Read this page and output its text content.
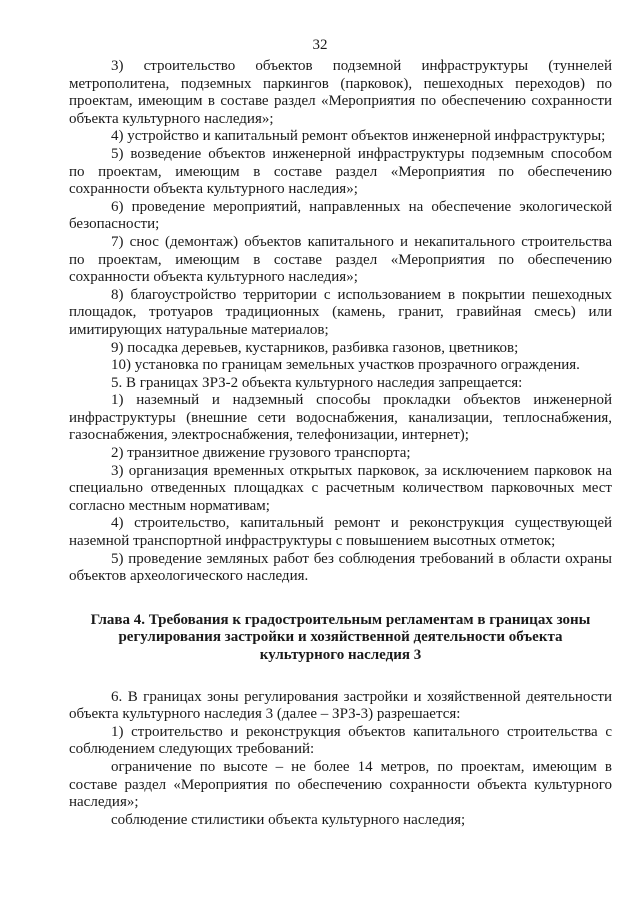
32

3) строительство объектов подземной инфраструктуры (туннелей метрополитена, подземных паркингов (парковок), пешеходных переходов) по проектам, имеющим в составе раздел «Мероприятия по обеспечению сохранности объекта культурного наследия»;

4) устройство и капитальный ремонт объектов инженерной инфраструктуры;

5) возведение объектов инженерной инфраструктуры подземным способом по проектам, имеющим в составе раздел «Мероприятия по обеспечению сохранности объекта культурного наследия»;

6) проведение мероприятий, направленных на обеспечение экологической безопасности;

7) снос (демонтаж) объектов капитального и некапитального строительства по проектам, имеющим в составе раздел «Мероприятия по обеспечению сохранности объекта культурного наследия»;

8) благоустройство территории с использованием в покрытии пешеходных площадок, тротуаров традиционных (камень, гранит, гравийная смесь) или имитирующих натуральные материалов;

9) посадка деревьев, кустарников, разбивка газонов, цветников;

10) установка по границам земельных участков прозрачного ограждения.

5. В границах ЗРЗ-2 объекта культурного наследия запрещается:

1) наземный и надземный способы прокладки объектов инженерной инфраструктуры (внешние сети водоснабжения, канализации, теплоснабжения, газоснабжения, электроснабжения, телефонизации, интернет);

2) транзитное движение грузового транспорта;

3) организация временных открытых парковок, за исключением парковок на специально отведенных площадках с расчетным количеством парковочных мест согласно местным нормативам;

4) строительство, капитальный ремонт и реконструкция существующей наземной транспортной инфраструктуры с повышением высотных отметок;

5) проведение земляных работ без соблюдения требований в области охраны объектов археологического наследия.

Глава 4. Требования к градостроительным регламентам в границах зоны
регулирования застройки и хозяйственной деятельности объекта
культурного наследия 3

6. В границах зоны регулирования застройки и хозяйственной деятельности объекта культурного наследия 3 (далее – ЗРЗ-3) разрешается:

1) строительство и реконструкция объектов капитального строительства с соблюдением следующих требований:

ограничение по высоте – не более 14 метров, по проектам, имеющим в составе раздел «Мероприятия по обеспечению сохранности объекта культурного наследия»;

соблюдение стилистики объекта культурного наследия;
